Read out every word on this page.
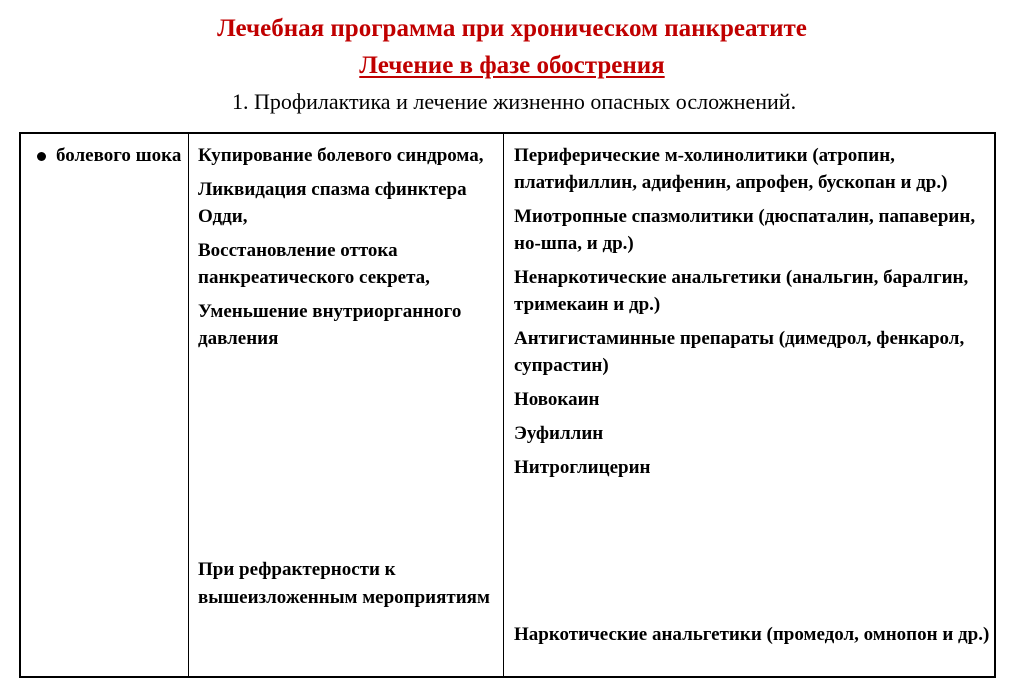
Лечебная программа при хроническом панкреатите
Лечение в фазе обострения
1. Профилактика и лечение жизненно опасных осложнений.
болевого шока Купирование болевого синдрома,

Ликвидация спазма сфинктера Одди,

Восстановление оттока панкреатического секрета,

Уменьшение внутриорганного давления

При рефрактерности к вышеизложенным мероприятиям

Периферические м-холинолитики (атропин, платифиллин, адифенин, апрофен, бускопан и др.)

Миотропные спазмолитики (дюспаталин, папаверин, но-шпа, и др.)

Ненаркотические анальгетики (анальгин, баралгин, тримекаин и др.)

Антигистаминные препараты (димедрол, фенкарол, супрастин)

Новокаин

Эуфиллин

Нитроглицерин

Наркотические анальгетики (промедол, омнопон и др.)
